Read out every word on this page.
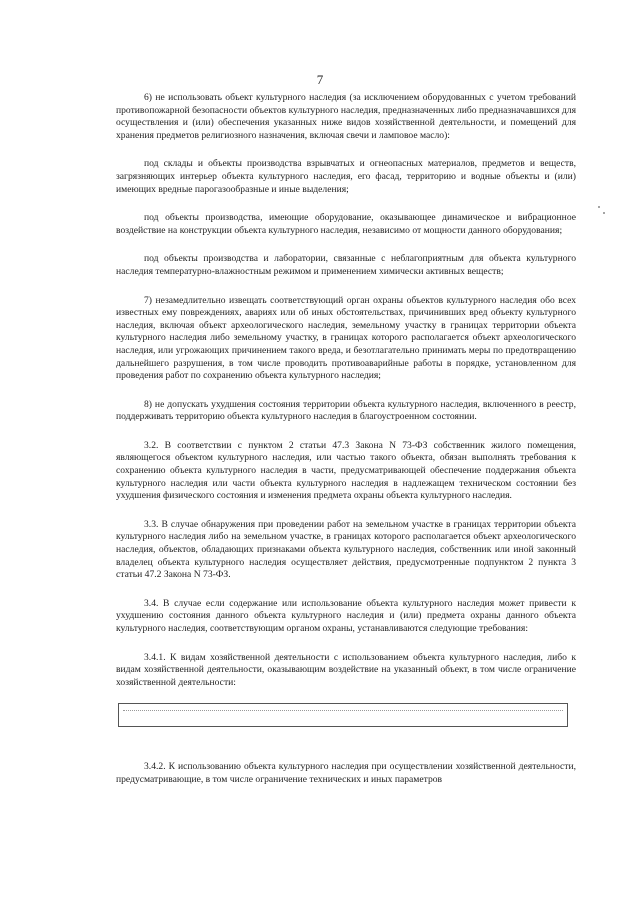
7

6) не использовать объект культурного наследия (за исключением оборудованных с учетом требований противопожарной безопасности объектов культурного наследия, предназначенных либо предназначавшихся для осуществления и (или) обеспечения указанных ниже видов хозяйственной деятельности, и помещений для хранения предметов религиозного назначения, включая свечи и ламповое масло):

под склады и объекты производства взрывчатых и огнеопасных материалов, предметов и веществ, загрязняющих интерьер объекта культурного наследия, его фасад, территорию и водные объекты и (или) имеющих вредные парогазообразные и иные выделения;

под объекты производства, имеющие оборудование, оказывающее динамическое и вибрационное воздействие на конструкции объекта культурного наследия, независимо от мощности данного оборудования;

под объекты производства и лаборатории, связанные с неблагоприятным для объекта культурного наследия температурно-влажностным режимом и применением химически активных веществ;

7) незамедлительно извещать соответствующий орган охраны объектов культурного наследия обо всех известных ему повреждениях, авариях или об иных обстоятельствах, причинивших вред объекту культурного наследия, включая объект археологического наследия, земельному участку в границах территории объекта культурного наследия либо земельному участку, в границах которого располагается объект археологического наследия, или угрожающих причинением такого вреда, и безотлагательно принимать меры по предотвращению дальнейшего разрушения, в том числе проводить противоаварийные работы в порядке, установленном для проведения работ по сохранению объекта культурного наследия;

8) не допускать ухудшения состояния территории объекта культурного наследия, включенного в реестр, поддерживать территорию объекта культурного наследия в благоустроенном состоянии.

3.2. В соответствии с пунктом 2 статьи 47.3 Закона N 73-ФЗ собственник жилого помещения, являющегося объектом культурного наследия, или частью такого объекта, обязан выполнять требования к сохранению объекта культурного наследия в части, предусматривающей обеспечение поддержания объекта культурного наследия или части объекта культурного наследия в надлежащем техническом состоянии без ухудшения физического состояния и изменения предмета охраны объекта культурного наследия.

3.3. В случае обнаружения при проведении работ на земельном участке в границах территории объекта культурного наследия либо на земельном участке, в границах которого располагается объект археологического наследия, объектов, обладающих признаками объекта культурного наследия, собственник или иной законный владелец объекта культурного наследия осуществляет действия, предусмотренные подпунктом 2 пункта 3 статьи 47.2 Закона N 73-ФЗ.

3.4. В случае если содержание или использование объекта культурного наследия может привести к ухудшению состояния данного объекта культурного наследия и (или) предмета охраны данного объекта культурного наследия, соответствующим органом охраны, устанавливаются следующие требования:

3.4.1. К видам хозяйственной деятельности с использованием объекта культурного наследия, либо к видам хозяйственной деятельности, оказывающим воздействие на указанный объект, в том числе ограничение хозяйственной деятельности:

3.4.2. К использованию объекта культурного наследия при осуществлении хозяйственной деятельности, предусматривающие, в том числе ограничение технических и иных параметров
